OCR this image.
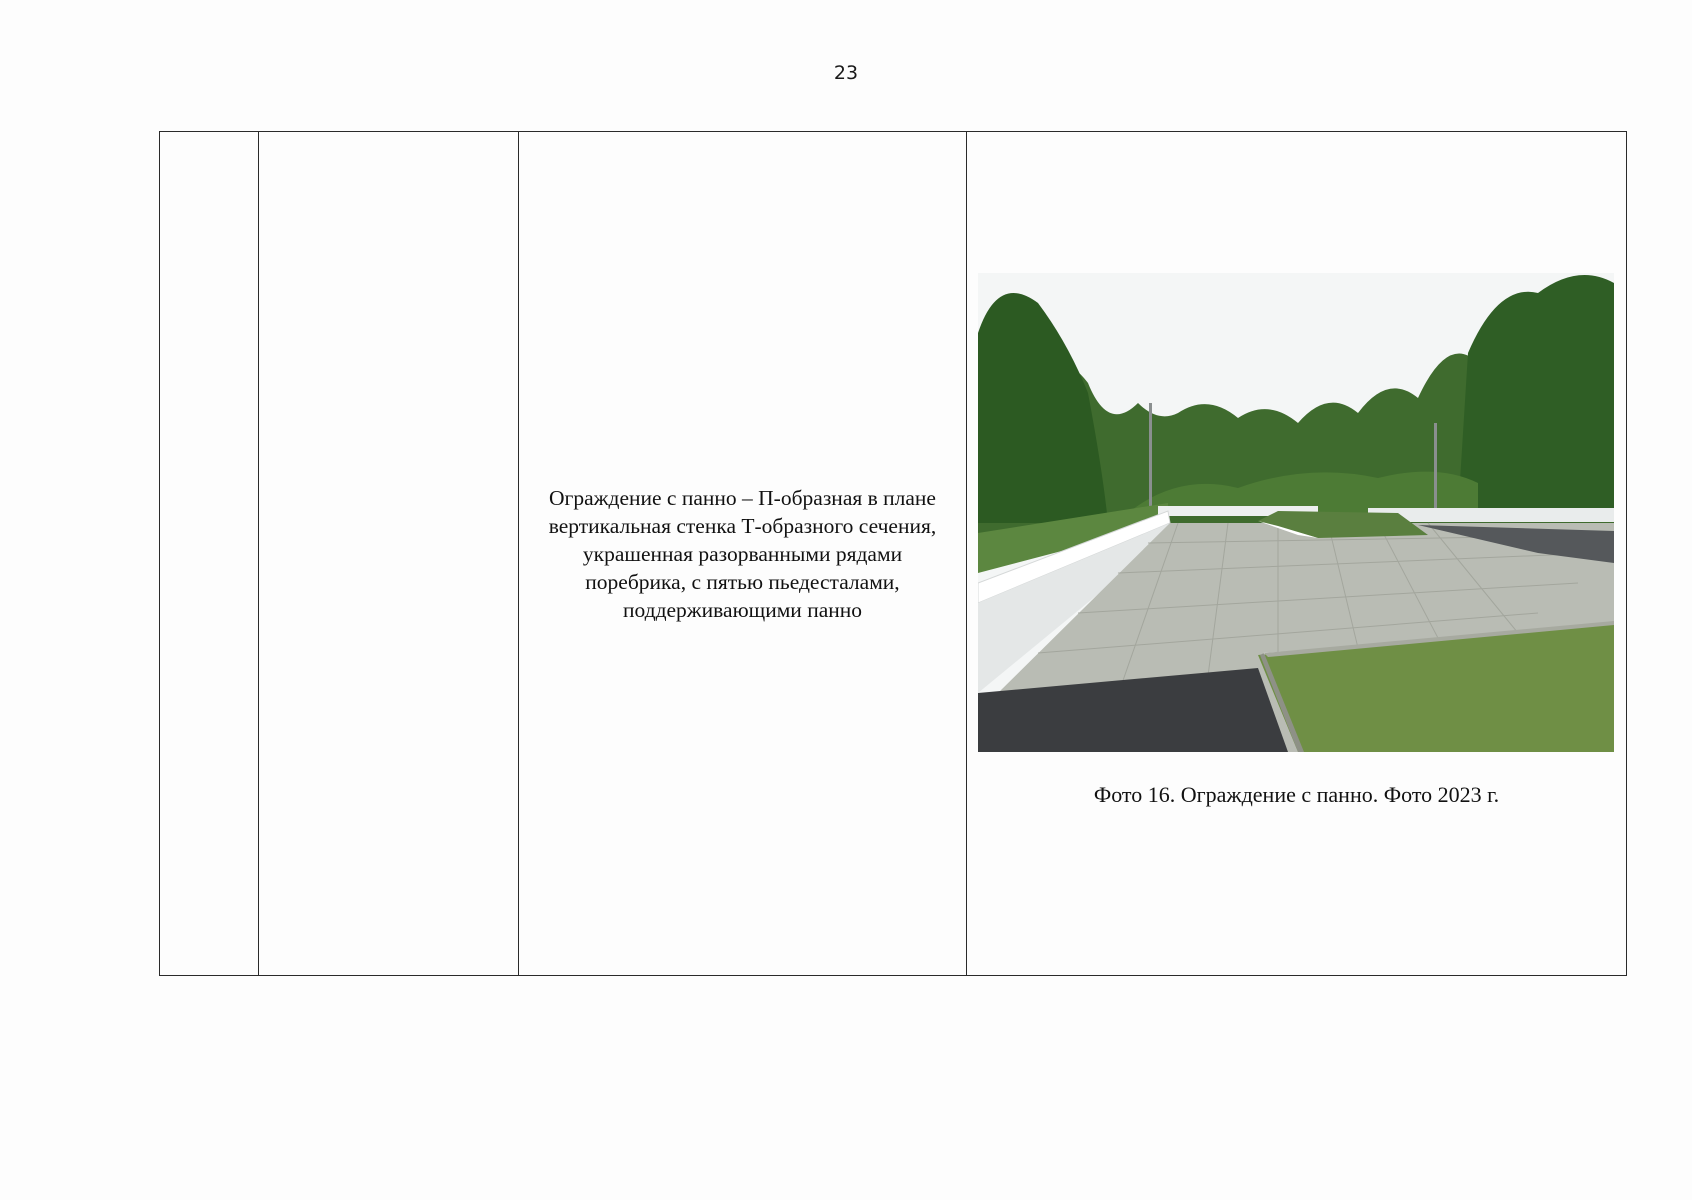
23

Ограждение с панно – П-образная в плане вертикальная стенка Т-образного сечения, украшенная разорванными рядами поребрика, с пятью пьедесталами, поддерживающими панно

Фото 16. Ограждение с панно. Фото 2023 г.
